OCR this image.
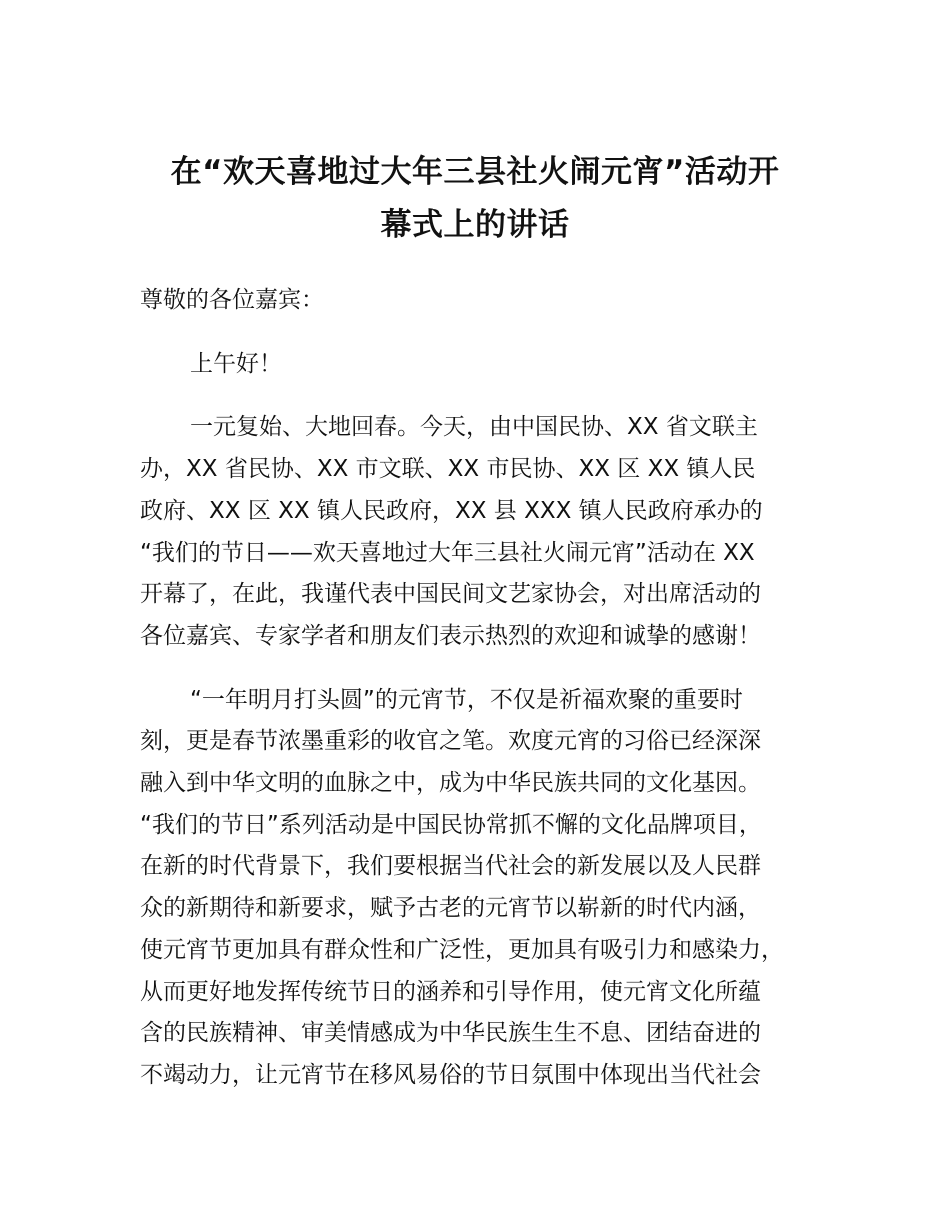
在“欢天喜地过大年三县社火闹元宵”活动开
幕式上的讲话

尊敬的各位嘉宾：

上午好！

一元复始、大地回春。今天，由中国民协、XX 省文联主
办，XX 省民协、XX 市文联、XX 市民协、XX 区 XX 镇人民
政府、XX 区 XX 镇人民政府，XX 县 XXX 镇人民政府承办的
“我们的节日——欢天喜地过大年三县社火闹元宵”活动在 XX
开幕了，在此，我谨代表中国民间文艺家协会，对出席活动的
各位嘉宾、专家学者和朋友们表示热烈的欢迎和诚挚的感谢！

“一年明月打头圆”的元宵节，不仅是祈福欢聚的重要时
刻，更是春节浓墨重彩的收官之笔。欢度元宵的习俗已经深深
融入到中华文明的血脉之中，成为中华民族共同的文化基因。
“我们的节日”系列活动是中国民协常抓不懈的文化品牌项目，
在新的时代背景下，我们要根据当代社会的新发展以及人民群
众的新期待和新要求，赋予古老的元宵节以崭新的时代内涵，
使元宵节更加具有群众性和广泛性，更加具有吸引力和感染力，
从而更好地发挥传统节日的涵养和引导作用，使元宵文化所蕴
含的民族精神、审美情感成为中华民族生生不息、团结奋进的
不竭动力，让元宵节在移风易俗的节日氛围中体现出当代社会
